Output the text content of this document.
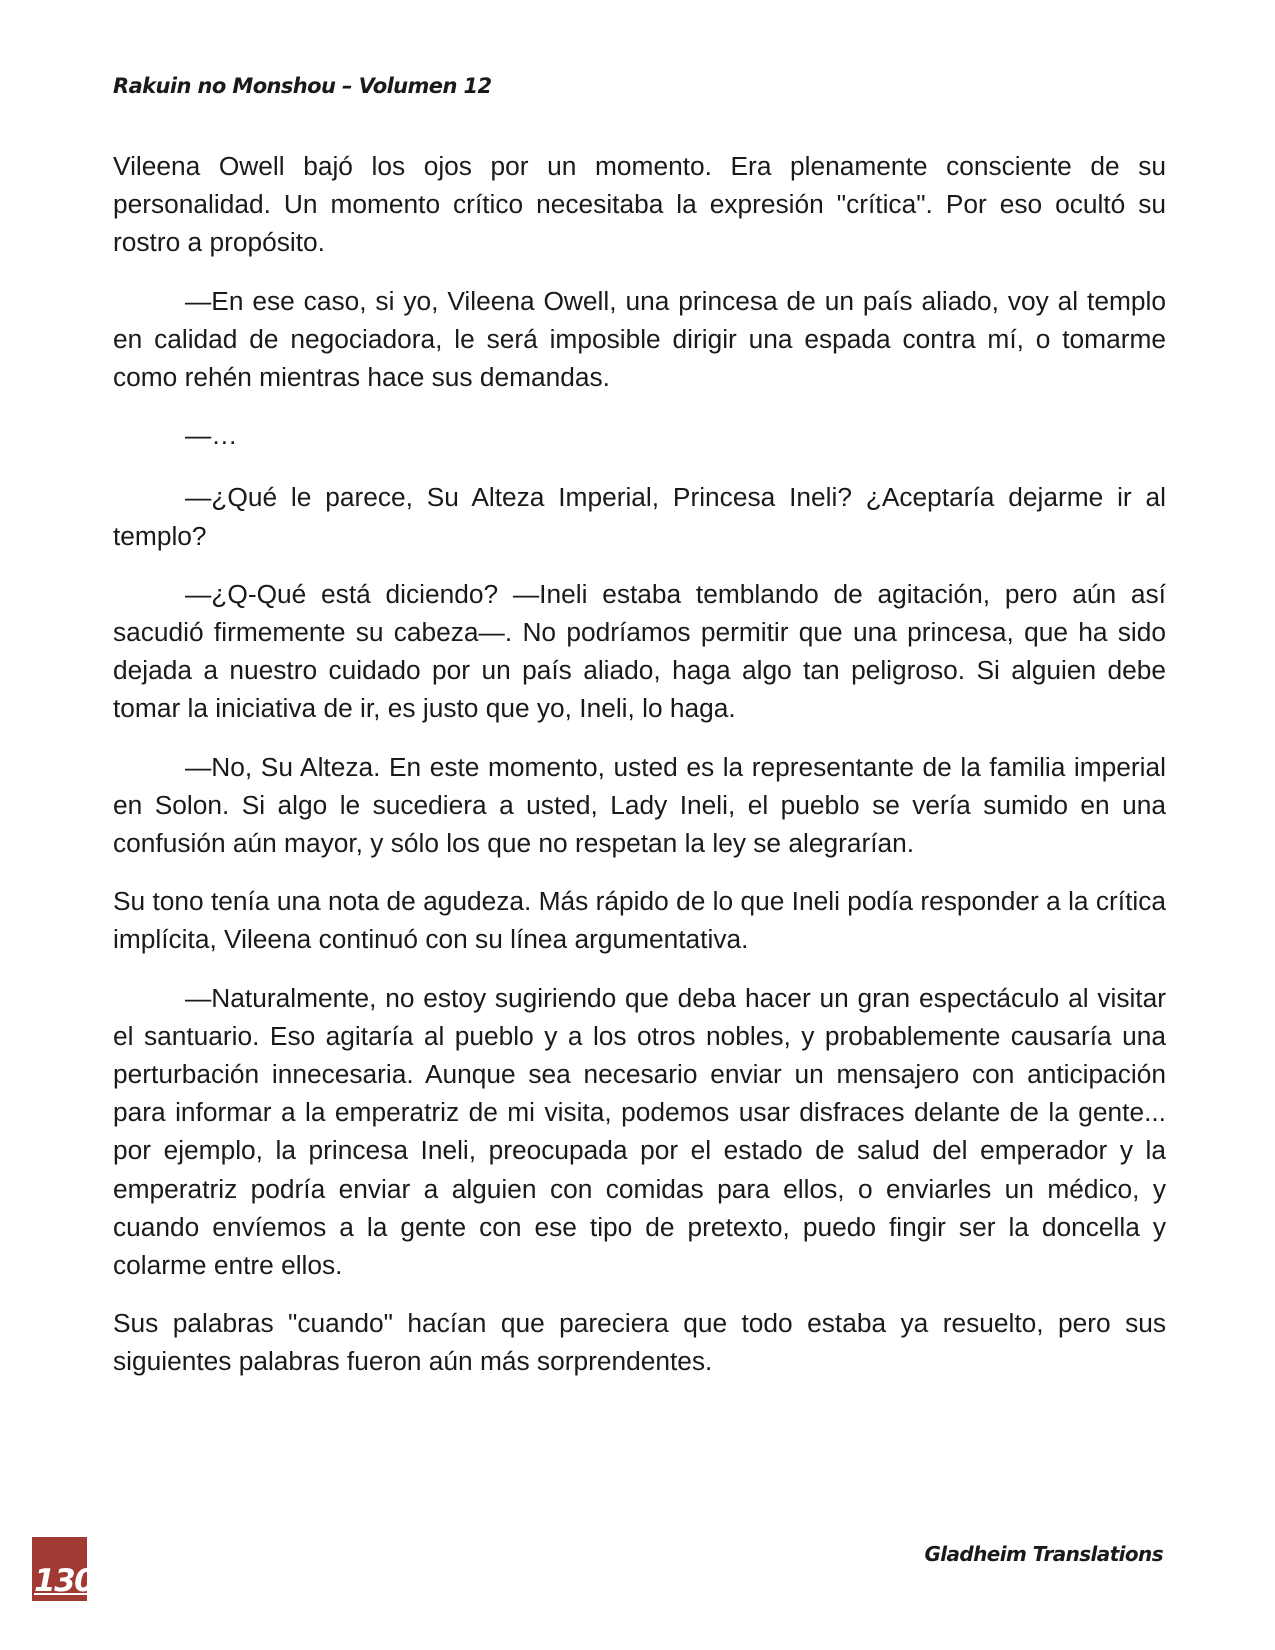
Rakuin no Monshou – Volumen 12

Vileena Owell bajó los ojos por un momento. Era plenamente consciente de su personalidad. Un momento crítico necesitaba la expresión "crítica". Por eso ocultó su rostro a propósito.

—En ese caso, si yo, Vileena Owell, una princesa de un país aliado, voy al templo en calidad de negociadora, le será imposible dirigir una espada contra mí, o tomarme como rehén mientras hace sus demandas.

—…

—¿Qué le parece, Su Alteza Imperial, Princesa Ineli? ¿Aceptaría dejarme ir al templo?

—¿Q-Qué está diciendo? —Ineli estaba temblando de agitación, pero aún así sacudió firmemente su cabeza—. No podríamos permitir que una princesa, que ha sido dejada a nuestro cuidado por un país aliado, haga algo tan peligroso. Si alguien debe tomar la iniciativa de ir, es justo que yo, Ineli, lo haga.

—No, Su Alteza. En este momento, usted es la representante de la familia imperial en Solon. Si algo le sucediera a usted, Lady Ineli, el pueblo se vería sumido en una confusión aún mayor, y sólo los que no respetan la ley se alegrarían.

Su tono tenía una nota de agudeza. Más rápido de lo que Ineli podía responder a la crítica implícita, Vileena continuó con su línea argumentativa.

—Naturalmente, no estoy sugiriendo que deba hacer un gran espectáculo al visitar el santuario. Eso agitaría al pueblo y a los otros nobles, y probablemente causaría una perturbación innecesaria. Aunque sea necesario enviar un mensajero con anticipación para informar a la emperatriz de mi visita, podemos usar disfraces delante de la gente... por ejemplo, la princesa Ineli, preocupada por el estado de salud del emperador y la emperatriz podría enviar a alguien con comidas para ellos, o enviarles un médico, y cuando envíemos a la gente con ese tipo de pretexto, puedo fingir ser la doncella y colarme entre ellos.

Sus palabras "cuando" hacían que pareciera que todo estaba ya resuelto, pero sus siguientes palabras fueron aún más sorprendentes.

130
Gladheim Translations
